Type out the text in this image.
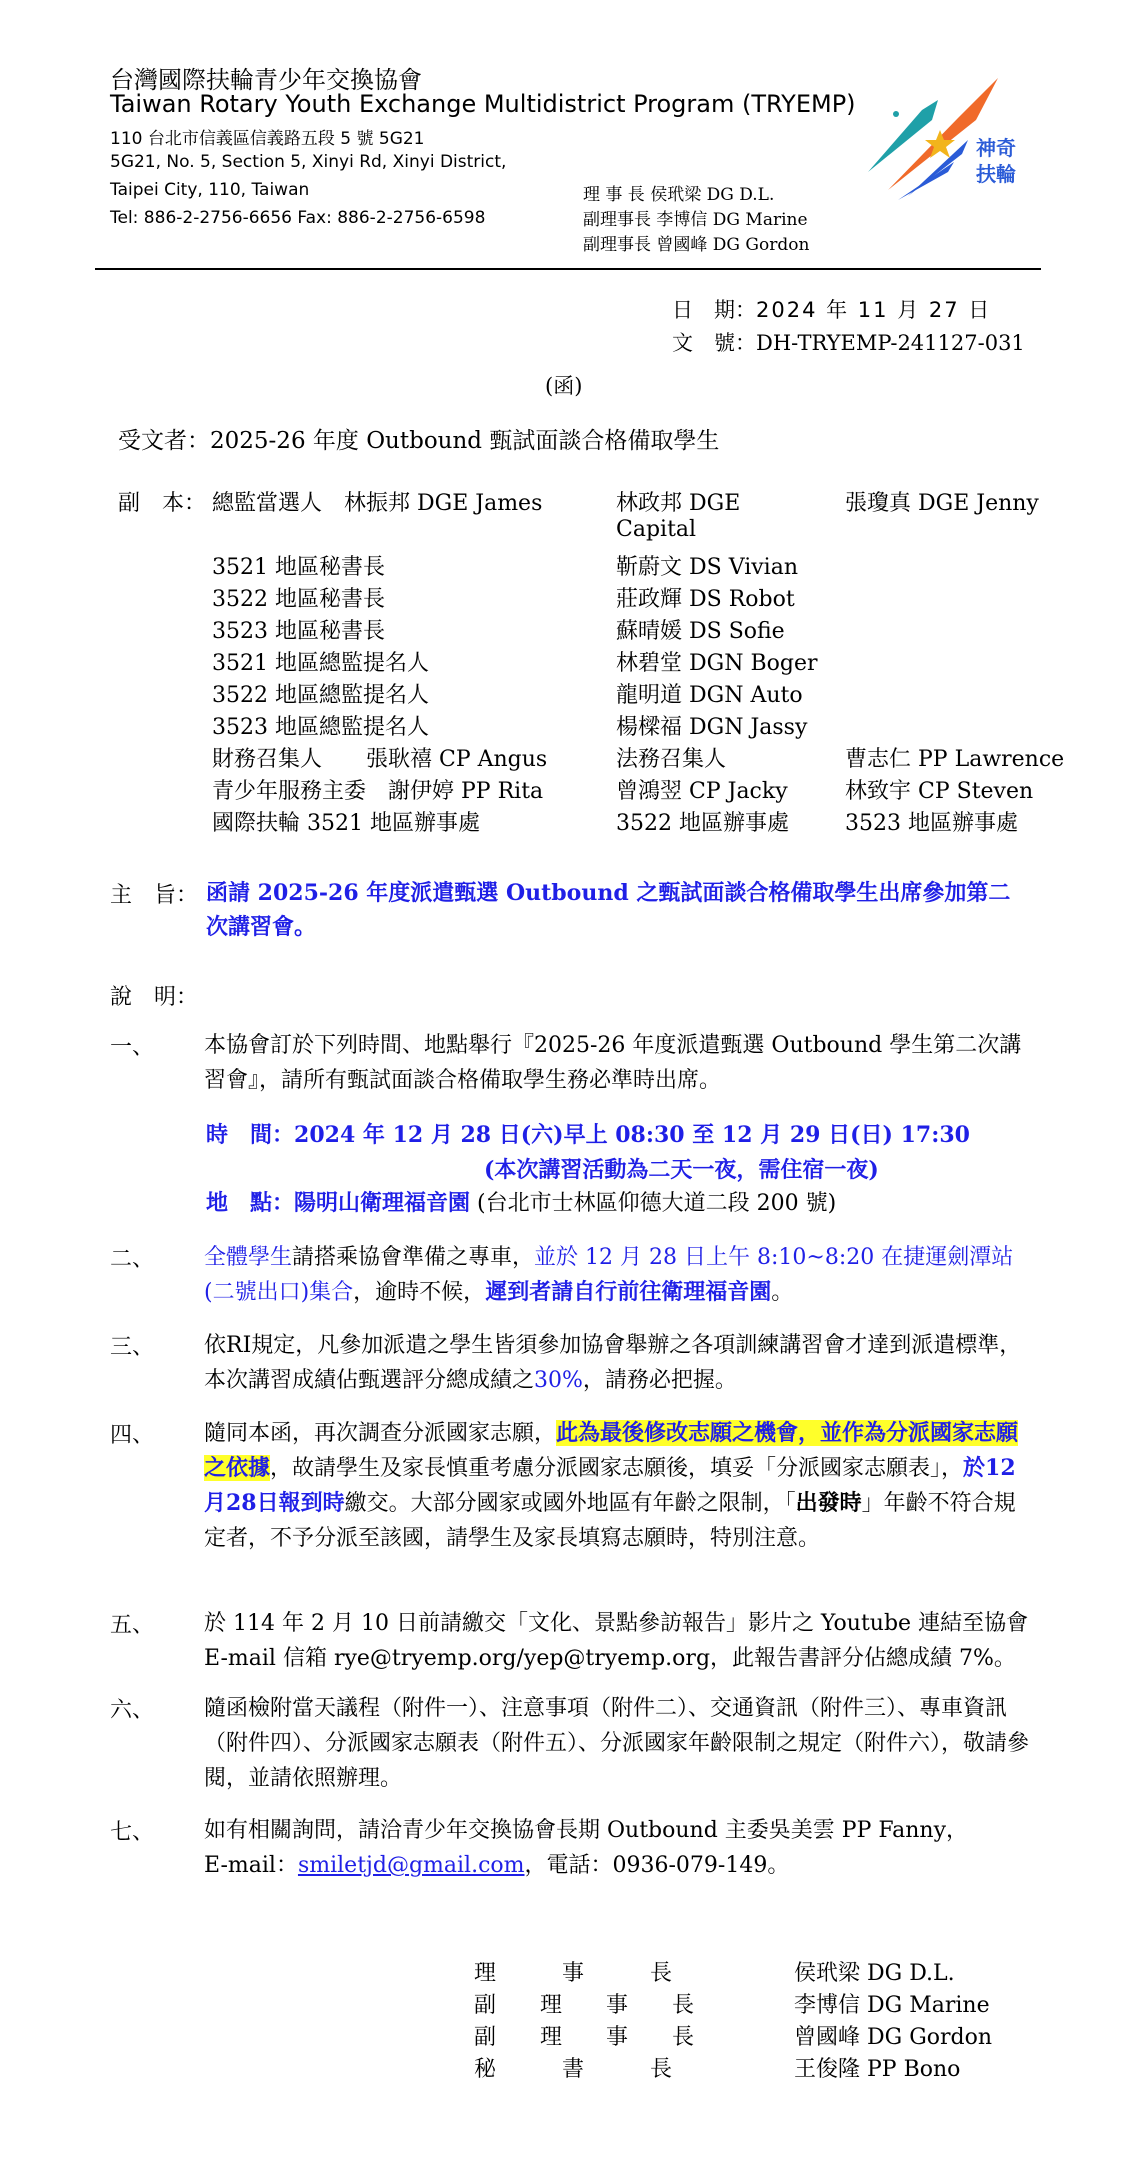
台灣國際扶輪青少年交換協會
Taiwan Rotary Youth Exchange Multidistrict Program (TRYEMP)
110 台北市信義區信義路五段 5 號 5G21
5G21, No. 5, Section 5, Xinyi Rd, Xinyi District,
Taipei City, 110, Taiwan
Tel: 886-2-2756-6656 Fax: 886-2-2756-6598
理 事 長 侯玳梁 DG D.L.
副理事長 李博信 DG Marine
副理事長 曾國峰 DG Gordon
神奇
扶輪
日　期：2024 年 11 月 27 日
文　號：DH-TRYEMP-241127-031
(函)
受文者：2025-26 年度 Outbound 甄試面談合格備取學生
副　本： 總監當選人　林振邦 DGE James	林政邦 DGE	張瓊真 DGE Jenny
Capital
3521 地區秘書長	靳蔚文 DS Vivian
3522 地區秘書長	莊政輝 DS Robot
3523 地區秘書長	蘇晴媛 DS Sofie
3521 地區總監提名人	林碧堂 DGN Boger
3522 地區總監提名人	龍明道 DGN Auto
3523 地區總監提名人	楊樑福 DGN Jassy
財務召集人　　張耿禧 CP Angus	法務召集人	曹志仁 PP Lawrence
青少年服務主委　謝伊婷 PP Rita	曾鴻翌 CP Jacky	林致宇 CP Steven
國際扶輪 3521 地區辦事處	3522 地區辦事處	3523 地區辦事處
主　旨： 函請 2025-26 年度派遣甄選 Outbound 之甄試面談合格備取學生出席參加第二次講習會。
說　明：
一、 本協會訂於下列時間、地點舉行『2025-26 年度派遣甄選 Outbound 學生第二次講習會』，請所有甄試面談合格備取學生務必準時出席。
時　間：2024 年 12 月 28 日(六)早上 08:30 至 12 月 29 日(日) 17:30
(本次講習活動為二天一夜，需住宿一夜)
地　點：陽明山衛理福音園 (台北市士林區仰德大道二段 200 號)
二、 全體學生請搭乘協會準備之專車，並於 12 月 28 日上午 8:10~8:20 在捷運劍潭站(二號出口)集合，逾時不候，遲到者請自行前往衛理福音園。
三、 依RI規定，凡參加派遣之學生皆須參加協會舉辦之各項訓練講習會才達到派遣標準，本次講習成績佔甄選評分總成績之30%，請務必把握。
四、 隨同本函，再次調查分派國家志願，此為最後修改志願之機會，並作為分派國家志願之依據，故請學生及家長慎重考慮分派國家志願後，填妥「分派國家志願表」，於12月28日報到時繳交。大部分國家或國外地區有年齡之限制，「出發時」年齡不符合規定者，不予分派至該國，請學生及家長填寫志願時，特別注意。
五、 於 114 年 2 月 10 日前請繳交「文化、景點參訪報告」影片之 Youtube 連結至協會 E-mail 信箱 rye@tryemp.org/yep@tryemp.org，此報告書評分佔總成績 7%。
六、 隨函檢附當天議程（附件一）、注意事項（附件二）、交通資訊（附件三）、專車資訊（附件四）、分派國家志願表（附件五）、分派國家年齡限制之規定（附件六），敬請參閱，並請依照辦理。
七、 如有相關詢問，請洽青少年交換協會長期 Outbound 主委吳美雲 PP Fanny，
E-mail：smiletjd@gmail.com，電話：0936-079-149。
理　　　事　　　長	侯玳梁 DG D.L.
副　　理　　事　　長	李博信 DG Marine
副　　理　　事　　長	曾國峰 DG Gordon
秘　　　書　　　長	王俊隆 PP Bono
